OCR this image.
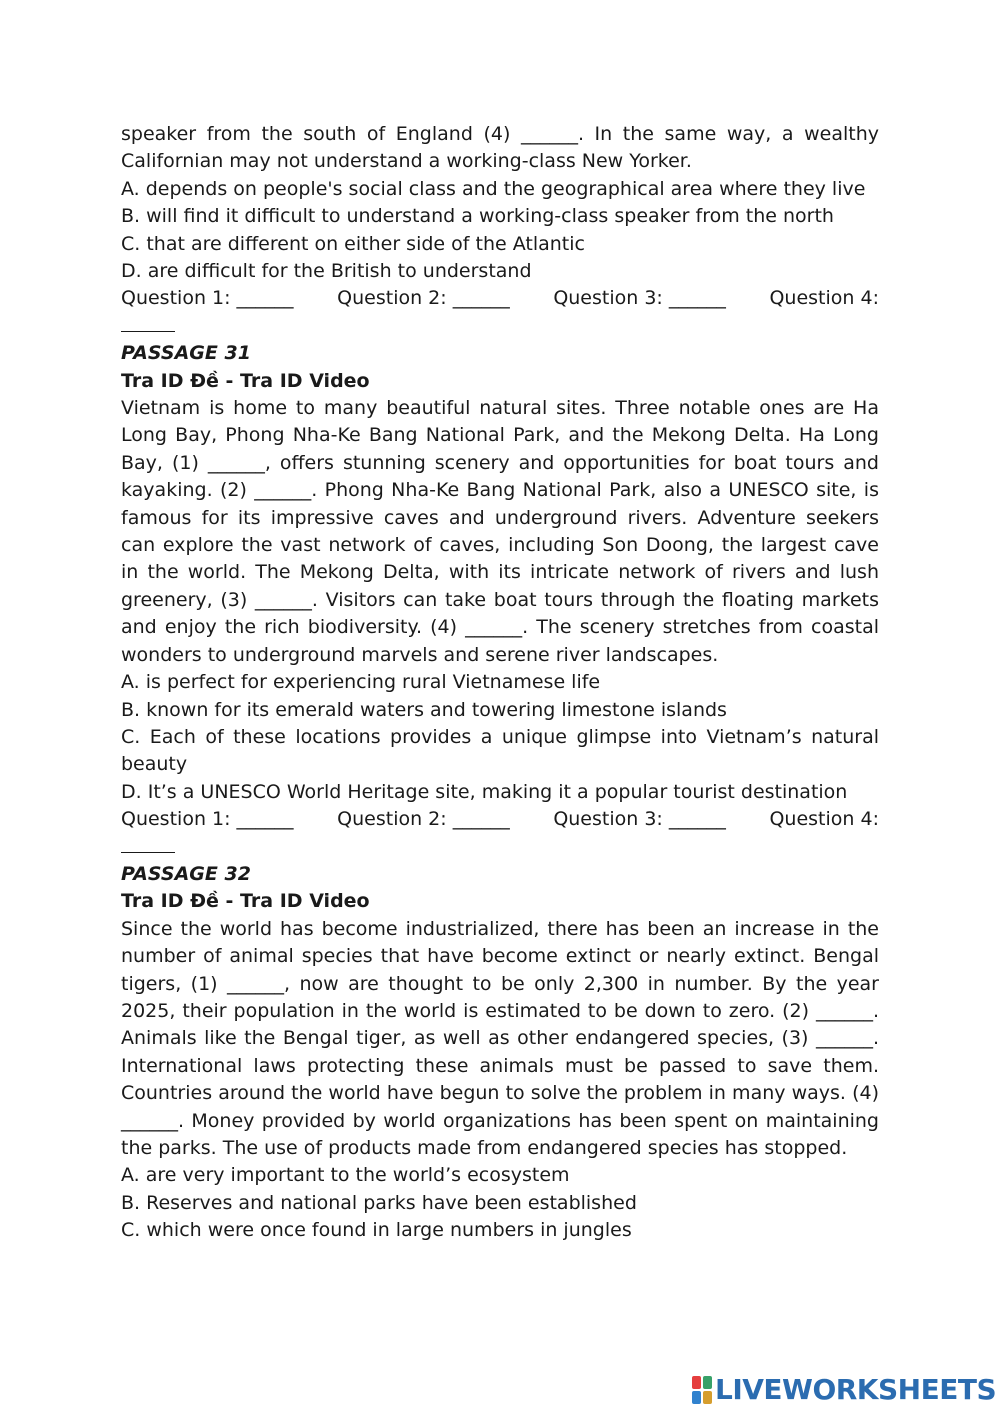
speaker from the south of England (4) ______. In the same way, a wealthy Californian may not understand a working-class New Yorker.

A. depends on people's social class and the geographical area where they live

B. will find it difficult to understand a working-class speaker from the north

C. that are different on either side of the Atlantic

D. are difficult for the British to understand

Question 1: ______ Question 2: ______ Question 3: ______ Question 4:

PASSAGE 31

Tra ID Đề - Tra ID Video

Vietnam is home to many beautiful natural sites. Three notable ones are Ha Long Bay, Phong Nha-Ke Bang National Park, and the Mekong Delta. Ha Long Bay, (1) ______, offers stunning scenery and opportunities for boat tours and kayaking. (2) ______. Phong Nha-Ke Bang National Park, also a UNESCO site, is famous for its impressive caves and underground rivers. Adventure seekers can explore the vast network of caves, including Son Doong, the largest cave in the world. The Mekong Delta, with its intricate network of rivers and lush greenery, (3) ______. Visitors can take boat tours through the floating markets and enjoy the rich biodiversity. (4) ______. The scenery stretches from coastal wonders to underground marvels and serene river landscapes.

A. is perfect for experiencing rural Vietnamese life

B. known for its emerald waters and towering limestone islands

C. Each of these locations provides a unique glimpse into Vietnam’s natural beauty

D. It’s a UNESCO World Heritage site, making it a popular tourist destination

Question 1: ______ Question 2: ______ Question 3: ______ Question 4:

PASSAGE 32

Tra ID Đề - Tra ID Video

Since the world has become industrialized, there has been an increase in the number of animal species that have become extinct or nearly extinct. Bengal tigers, (1) ______, now are thought to be only 2,300 in number. By the year 2025, their population in the world is estimated to be down to zero. (2) ______. Animals like the Bengal tiger, as well as other endangered species, (3) ______. International laws protecting these animals must be passed to save them. Countries around the world have begun to solve the problem in many ways. (4) ______. Money provided by world organizations has been spent on maintaining the parks. The use of products made from endangered species has stopped.

A. are very important to the world’s ecosystem

B. Reserves and national parks have been established

C. which were once found in large numbers in jungles

LIVEWORKSHEETS
